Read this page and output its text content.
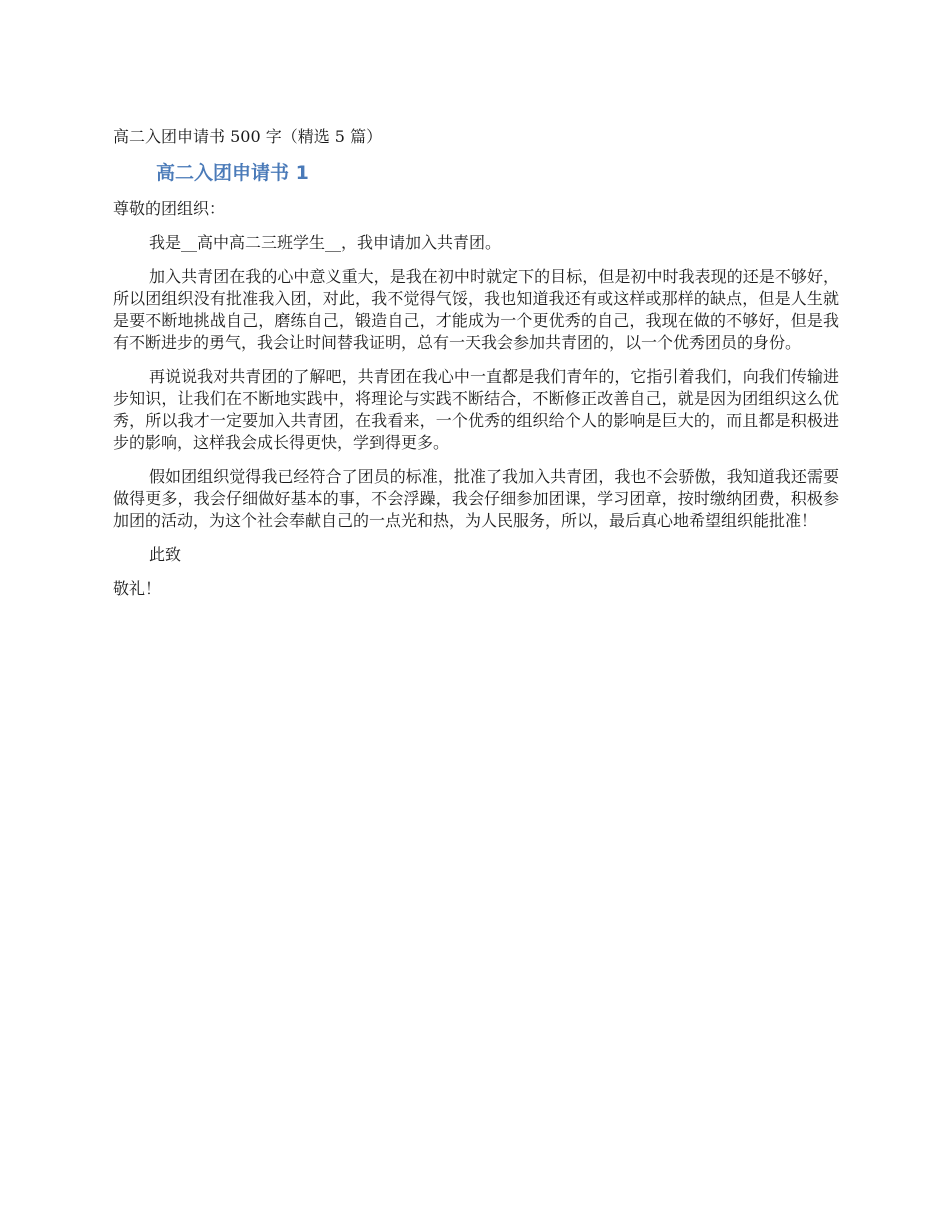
高二入团申请书 500 字（精选 5 篇）
高二入团申请书 1
尊敬的团组织：
我是__高中高二三班学生__，我申请加入共青团。
加入共青团在我的心中意义重大，是我在初中时就定下的目标，但是初中时我表现的还是不够好，所以团组织没有批准我入团，对此，我不觉得气馁，我也知道我还有或这样或那样的缺点，但是人生就是要不断地挑战自己，磨练自己，锻造自己，才能成为一个更优秀的自己，我现在做的不够好，但是我有不断进步的勇气，我会让时间替我证明，总有一天我会参加共青团的，以一个优秀团员的身份。
再说说我对共青团的了解吧，共青团在我心中一直都是我们青年的，它指引着我们，向我们传输进步知识，让我们在不断地实践中，将理论与实践不断结合，不断修正改善自己，就是因为团组织这么优秀，所以我才一定要加入共青团，在我看来，一个优秀的组织给个人的影响是巨大的，而且都是积极进步的影响，这样我会成长得更快，学到得更多。
假如团组织觉得我已经符合了团员的标准，批准了我加入共青团，我也不会骄傲，我知道我还需要做得更多，我会仔细做好基本的事，不会浮躁，我会仔细参加团课，学习团章，按时缴纳团费，积极参加团的活动，为这个社会奉献自己的一点光和热，为人民服务，所以，最后真心地希望组织能批准！
此致
敬礼！
